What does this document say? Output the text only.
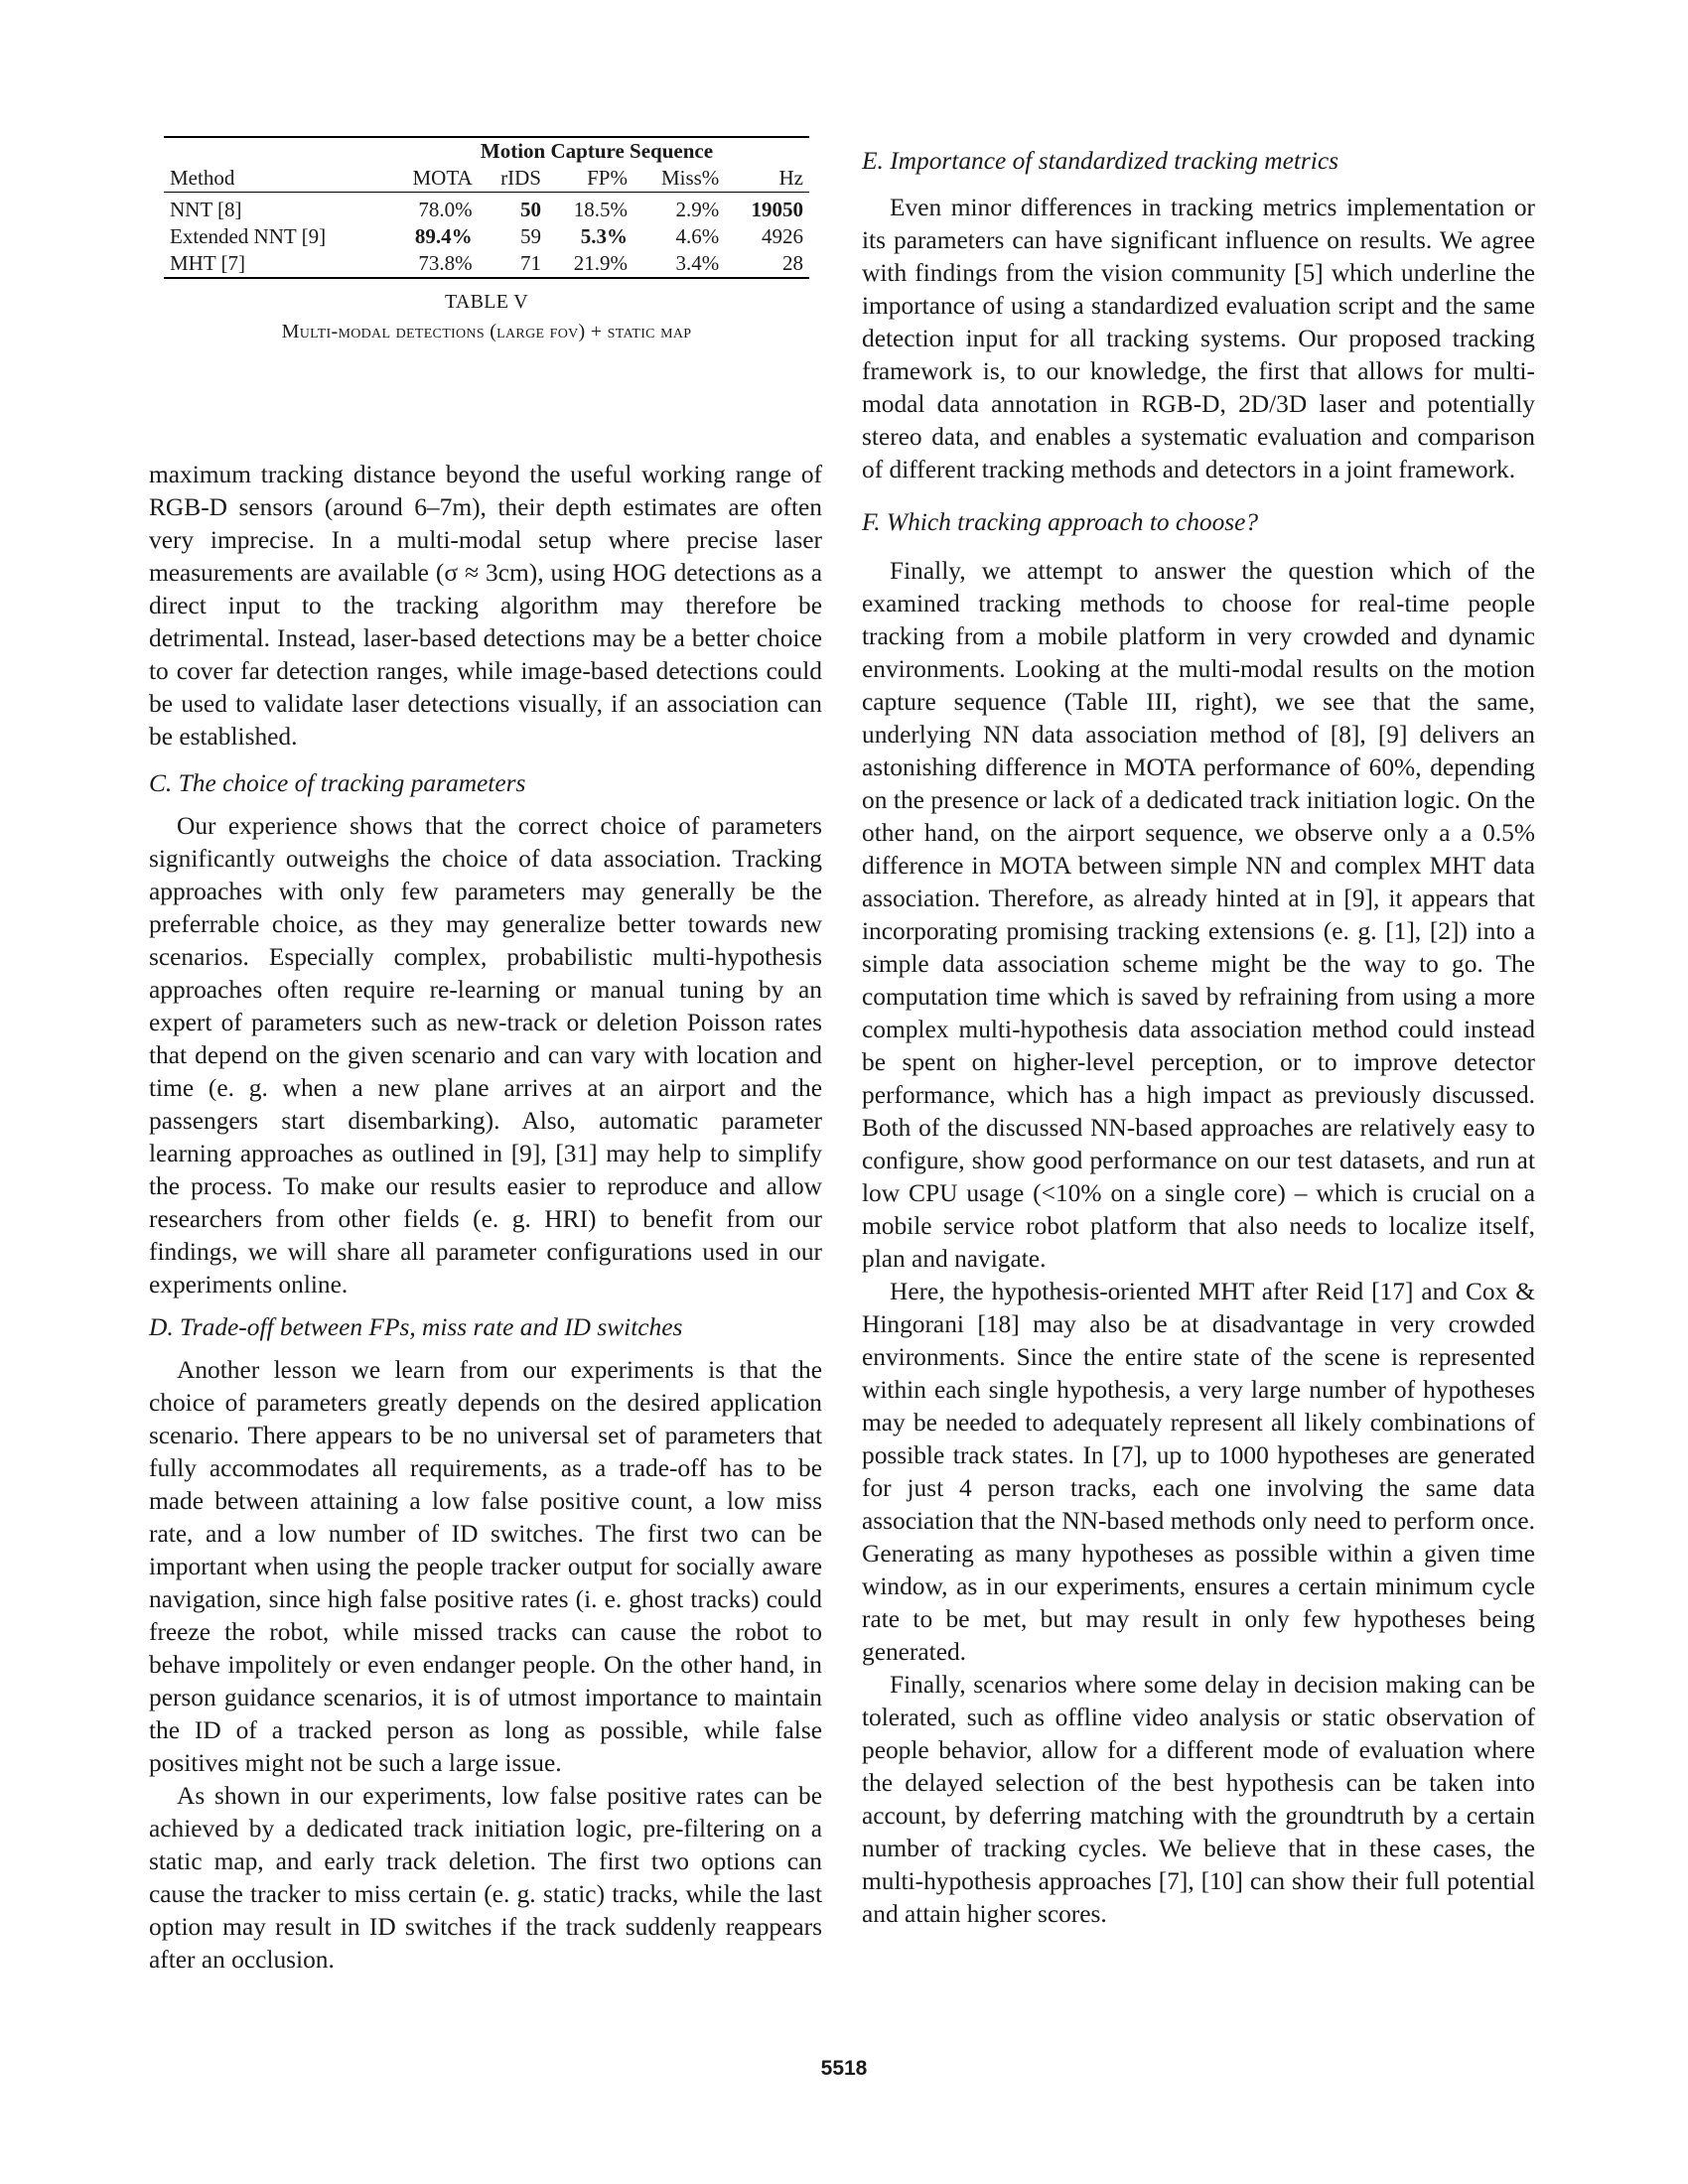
	Motion Capture Sequence				
Method	MOTA	rIDS	FP%	Miss%	Hz
NNT [8]	78.0%	50	18.5%	2.9%	19050
Extended NNT [9]	89.4%	59	5.3%	4.6%	4926
MHT [7]	73.8%	71	21.9%	3.4%	28
TABLE V
Multi-modal detections (large fov) + static map

maximum tracking distance beyond the useful working range of RGB-D sensors (around 6–7m), their depth estimates are often very imprecise. In a multi-modal setup where precise laser measurements are available (σ ≈ 3cm), using HOG detections as a direct input to the tracking algorithm may therefore be detrimental. Instead, laser-based detections may be a better choice to cover far detection ranges, while image-based detections could be used to validate laser detections visually, if an association can be established.

C. The choice of tracking parameters

Our experience shows that the correct choice of parameters significantly outweighs the choice of data association. Tracking approaches with only few parameters may generally be the preferrable choice, as they may generalize better towards new scenarios. Especially complex, probabilistic multi-hypothesis approaches often require re-learning or manual tuning by an expert of parameters such as new-track or deletion Poisson rates that depend on the given scenario and can vary with location and time (e. g. when a new plane arrives at an airport and the passengers start disembarking). Also, automatic parameter learning approaches as outlined in [9], [31] may help to simplify the process. To make our results easier to reproduce and allow researchers from other fields (e. g. HRI) to benefit from our findings, we will share all parameter configurations used in our experiments online.

D. Trade-off between FPs, miss rate and ID switches

Another lesson we learn from our experiments is that the choice of parameters greatly depends on the desired application scenario. There appears to be no universal set of parameters that fully accommodates all requirements, as a trade-off has to be made between attaining a low false positive count, a low miss rate, and a low number of ID switches. The first two can be important when using the people tracker output for socially aware navigation, since high false positive rates (i. e. ghost tracks) could freeze the robot, while missed tracks can cause the robot to behave impolitely or even endanger people. On the other hand, in person guidance scenarios, it is of utmost importance to maintain the ID of a tracked person as long as possible, while false positives might not be such a large issue.

As shown in our experiments, low false positive rates can be achieved by a dedicated track initiation logic, pre-filtering on a static map, and early track deletion. The first two options can cause the tracker to miss certain (e. g. static) tracks, while the last option may result in ID switches if the track suddenly reappears after an occlusion.

E. Importance of standardized tracking metrics

Even minor differences in tracking metrics implementation or its parameters can have significant influence on results. We agree with findings from the vision community [5] which underline the importance of using a standardized evaluation script and the same detection input for all tracking systems. Our proposed tracking framework is, to our knowledge, the first that allows for multi-modal data annotation in RGB-D, 2D/3D laser and potentially stereo data, and enables a systematic evaluation and comparison of different tracking methods and detectors in a joint framework.

F. Which tracking approach to choose?

Finally, we attempt to answer the question which of the examined tracking methods to choose for real-time people tracking from a mobile platform in very crowded and dynamic environments. Looking at the multi-modal results on the motion capture sequence (Table III, right), we see that the same, underlying NN data association method of [8], [9] delivers an astonishing difference in MOTA performance of 60%, depending on the presence or lack of a dedicated track initiation logic. On the other hand, on the airport sequence, we observe only a a 0.5% difference in MOTA between simple NN and complex MHT data association. Therefore, as already hinted at in [9], it appears that incorporating promising tracking extensions (e. g. [1], [2]) into a simple data association scheme might be the way to go. The computation time which is saved by refraining from using a more complex multi-hypothesis data association method could instead be spent on higher-level perception, or to improve detector performance, which has a high impact as previously discussed. Both of the discussed NN-based approaches are relatively easy to configure, show good performance on our test datasets, and run at low CPU usage (<10% on a single core) – which is crucial on a mobile service robot platform that also needs to localize itself, plan and navigate.

Here, the hypothesis-oriented MHT after Reid [17] and Cox & Hingorani [18] may also be at disadvantage in very crowded environments. Since the entire state of the scene is represented within each single hypothesis, a very large number of hypotheses may be needed to adequately represent all likely combinations of possible track states. In [7], up to 1000 hypotheses are generated for just 4 person tracks, each one involving the same data association that the NN-based methods only need to perform once. Generating as many hypotheses as possible within a given time window, as in our experiments, ensures a certain minimum cycle rate to be met, but may result in only few hypotheses being generated.

Finally, scenarios where some delay in decision making can be tolerated, such as offline video analysis or static observation of people behavior, allow for a different mode of evaluation where the delayed selection of the best hypothesis can be taken into account, by deferring matching with the groundtruth by a certain number of tracking cycles. We believe that in these cases, the multi-hypothesis approaches [7], [10] can show their full potential and attain higher scores.

5518
